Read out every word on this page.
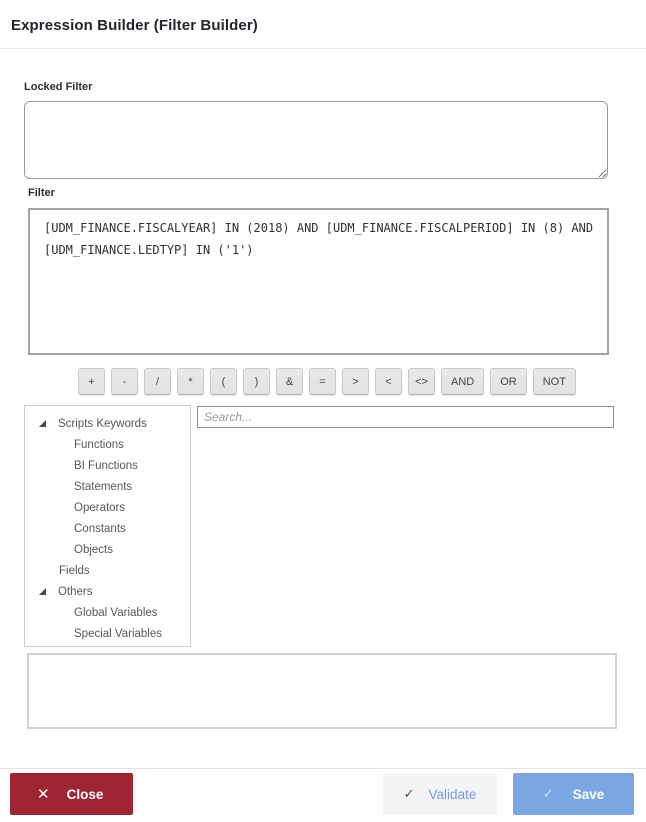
Expression Builder (Filter Builder)
Locked Filter
Filter
[UDM_FINANCE.FISCALYEAR] IN (2018) AND [UDM_FINANCE.FISCALPERIOD] IN (8) AND [UDM_FINANCE.LEDTYP] IN ('1')
+	-	/	*	(	)	&	=	>	<	<>	AND	OR	NOT
Scripts Keywords
Functions
BI Functions
Statements
Operators
Constants
Objects
Fields
Others
Global Variables
Special Variables
Search...
✕ Close	✓ Validate	✓ Save
